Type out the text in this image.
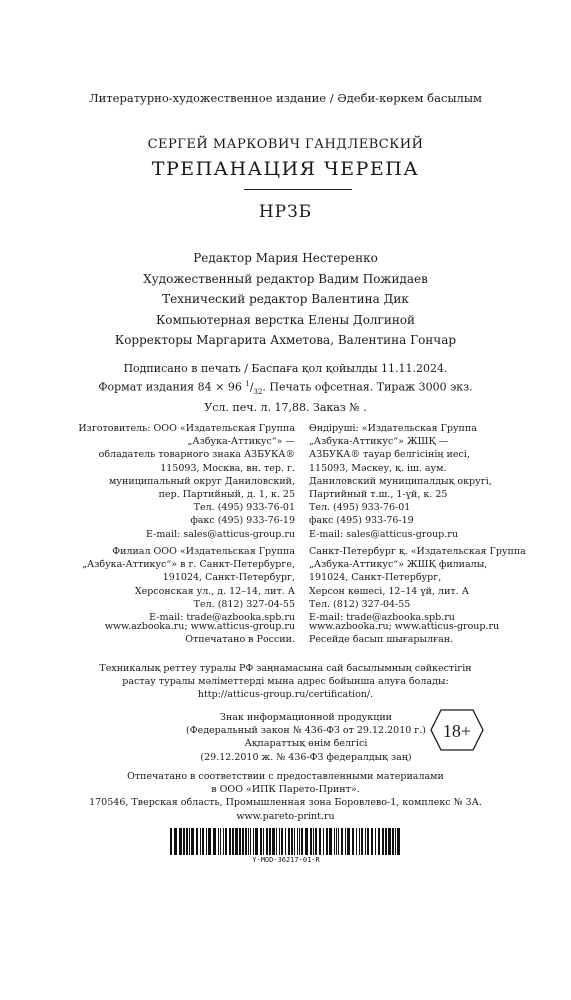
Литературно-художественное издание / Әдеби-көркем басылым
СЕРГЕЙ МАРКОВИЧ ГАНДЛЕВСКИЙ
ТРЕПАНАЦИЯ ЧЕРЕПА
НРЗБ
Редактор Мария Нестеренко
Художественный редактор Вадим Пожидаев
Технический редактор Валентина Дик
Компьютерная верстка Елены Долгиной
Корректоры Маргарита Ахметова, Валентина Гончар
Подписано в печать / Баспаға қол қойылды 11.11.2024.
Формат издания 84 × 96 $^1/_{32}$. Печать офсетная. Тираж 3000 экз.
Усл. печ. л. 17,88. Заказ № .
Изготовитель: ООО «Издательская Группа
„Азбука-Аттикус“» —
обладатель товарного знака АЗБУКА®
115093, Москва, вн. тер. г.
муниципальный округ Даниловский,
пер. Партийный, д. 1, к. 25
Тел. (495) 933-76-01
факс (495) 933-76-19
E-mail: sales@atticus-group.ru
Өндіруші: «Издательская Группа
„Азбука-Аттикус“» ЖШҚ —
АЗБУКА® тауар белгісінің иесі,
115093, Мәскеу, қ. іш. аум.
Даниловский муниципалдық округі,
Партийный т.ш., 1-үй, к. 25
Тел. (495) 933-76-01
факс (495) 933-76-19
E-mail: sales@atticus-group.ru
Филиал ООО «Издательская Группа
„Азбука-Аттикус“» в г. Санкт-Петербурге,
191024, Санкт-Петербург,
Херсонская ул., д. 12–14, лит. А
Тел. (812) 327-04-55
E-mail: trade@azbooka.spb.ru
Санкт-Петербург қ. «Издательская Группа
„Азбука-Аттикус“» ЖШҚ филиалы,
191024, Санкт-Петербург,
Херсон көшесі, 12–14 үй, лит. А
Тел. (812) 327-04-55
E-mail: trade@azbooka.spb.ru
www.azbooka.ru; www.atticus-group.ru
Отпечатано в России.
www.azbooka.ru; www.atticus-group.ru
Ресейде басып шығарылған.
Техникалық реттеу туралы РФ заңнамасына сай басылымның сәйкестігін
растау туралы мәліметтерді мына адрес бойынша алуға болады:
http://atticus-group.ru/certification/.
Знак информационной продукции
(Федеральный закон № 436-ФЗ от 29.12.2010 г.)
Ақпараттық өнім белгісі
(29.12.2010 ж. № 436-ФЗ федералдық заң)
18+
Отпечатано в соответствии с предоставленными материалами
в ООО «ИПК Парето-Принт».
170546, Тверская область, Промышленная зона Боровлево-1, комплекс № 3А.
www.pareto-print.ru
Y-MOD-36217-01-R
